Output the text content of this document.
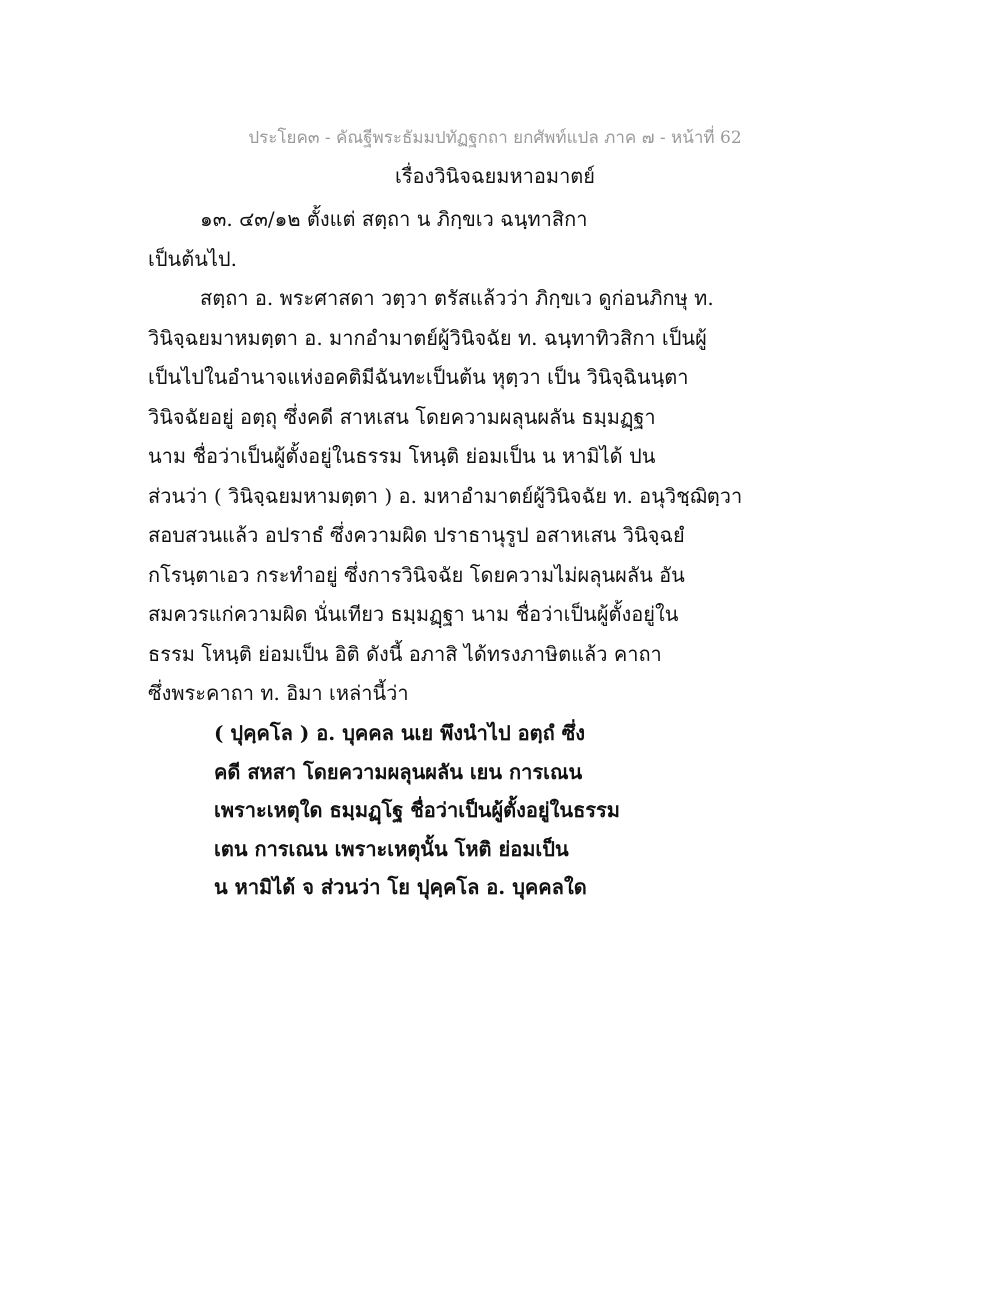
ประโยค๓ - คัณฐีพระธัมมปทัฏฐกถา ยกศัพท์แปล ภาค ๗ - หน้าที่ 62
เรื่องวินิจฉยมหาอมาตย์
๑๓. ๔๓/๑๒ ตั้งแต่ สตฺถา น ภิกฺขเว ฉนฺทาสิกา
เป็นต้นไป.
สตฺถา อ. พระศาสดา วตฺวา ตรัสแล้วว่า ภิกฺขเว ดูก่อนภิกษุ ท.
วินิจฺฉยมาหมตฺตา อ. มากอำมาตย์ผู้วินิจฉัย ท. ฉนฺทาทิวสิกา เป็นผู้
เป็นไปในอำนาจแห่งอคติมีฉันทะเป็นต้น หุตฺวา เป็น วินิจฺฉินนฺตา
วินิจฉัยอยู่ อตฺถุ ซึ่งคดี สาหเสน โดยความผลุนผลัน ธมฺมฏฺฐา
นาม ชื่อว่าเป็นผู้ตั้งอยู่ในธรรม โหนฺติ ย่อมเป็น น หามิได้ ปน
ส่วนว่า ( วินิจฺฉยมหามตฺตา ) อ. มหาอำมาตย์ผู้วินิจฉัย ท. อนุวิชฺฌิตฺวา
สอบสวนแล้ว อปราธํ ซึ่งความผิด ปราธานุรูป อสาหเสน วินิจฺฉยํ
กโรนฺตาเอว กระทำอยู่ ซึ่งการวินิจฉัย โดยความไม่ผลุนผลัน อัน
สมควรแก่ความผิด นั่นเทียว ธมฺมฏฺฐา นาม ชื่อว่าเป็นผู้ตั้งอยู่ใน
ธรรม โหนฺติ ย่อมเป็น อิติ ดังนี้ อภาสิ ได้ทรงภาษิตแล้ว คาถา
ซึ่งพระคาถา ท. อิมา เหล่านี้ว่า
( ปุคฺคโล ) อ. บุคคล นเย พึงนำไป อตฺถํ ซึ่ง
คดี สหสา โดยความผลุนผลัน เยน การเณน
เพราะเหตุใด ธมฺมฏฺโฐ ชื่อว่าเป็นผู้ตั้งอยู่ในธรรม
เตน การเณน เพราะเหตุนั้น โหติ ย่อมเป็น
น หามิได้ จ ส่วนว่า โย ปุคฺคโล อ. บุคคลใด
